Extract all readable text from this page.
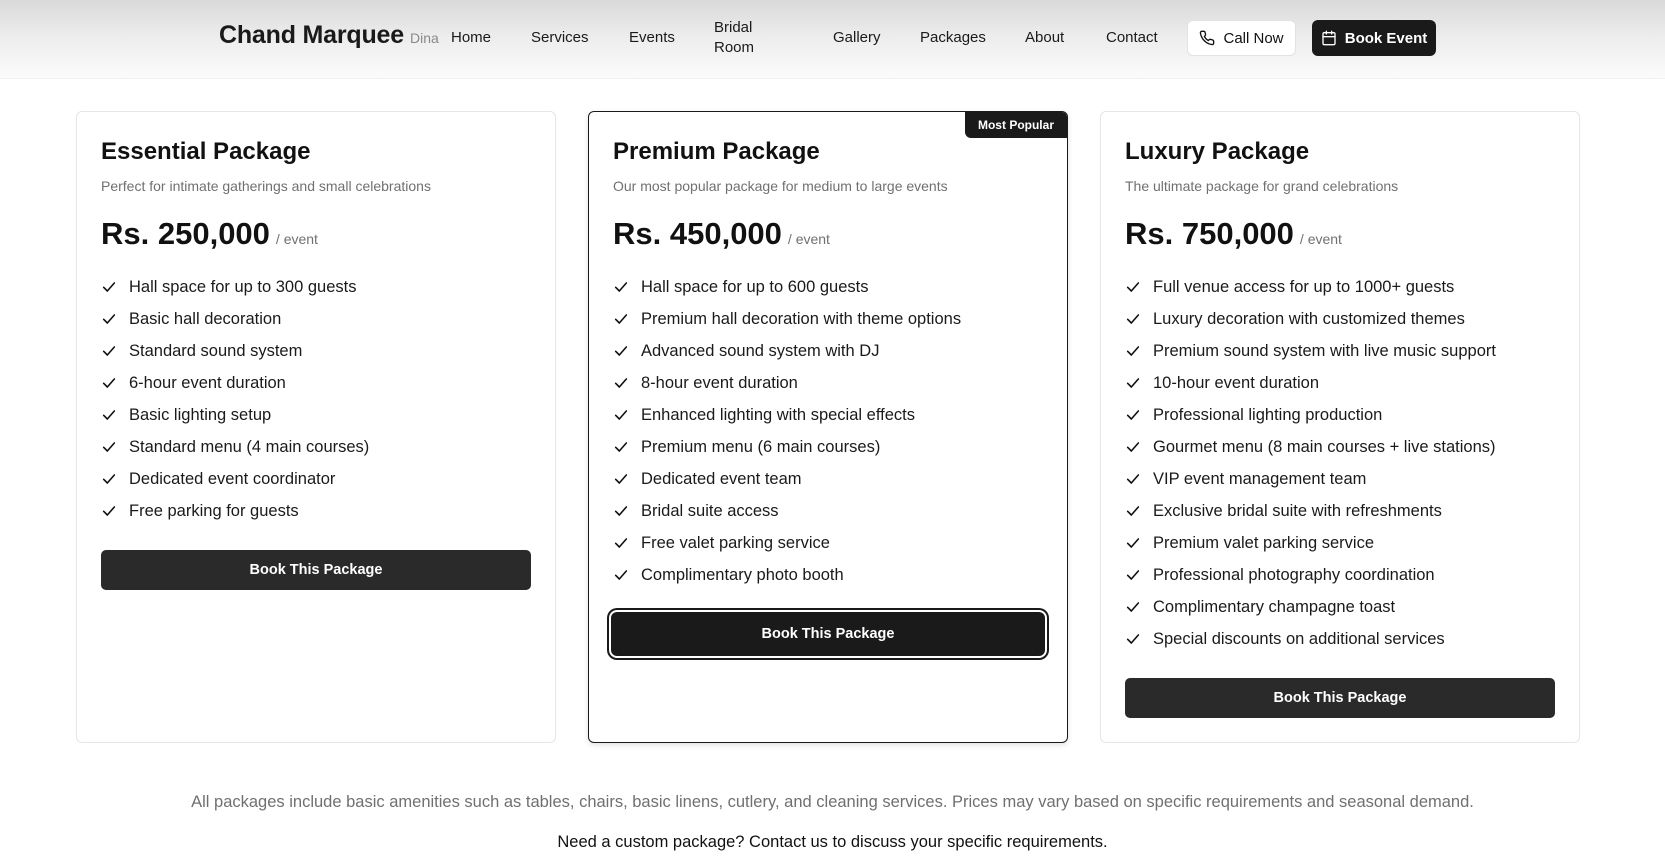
Chand Marquee Dina Home	Services	Events
Bridal Room
Gallery	Packages	About	Contact	Call Now	Book Event
Essential Package

Perfect for intimate gatherings and small celebrations

Rs. 250,000 / event
Hall space for up to 300 guests
Basic hall decoration
Standard sound system
6-hour event duration
Basic lighting setup
Standard menu (4 main courses)
Dedicated event coordinator
Free parking for guests
Book This Package
Most Popular
Premium Package

Our most popular package for medium to large events

Rs. 450,000 / event
Hall space for up to 600 guests
Premium hall decoration with theme options
Advanced sound system with DJ
8-hour event duration
Enhanced lighting with special effects
Premium menu (6 main courses)
Dedicated event team
Bridal suite access
Free valet parking service
Complimentary photo booth
Book This Package
Luxury Package

The ultimate package for grand celebrations

Rs. 750,000 / event
Full venue access for up to 1000+ guests
Luxury decoration with customized themes
Premium sound system with live music support
10-hour event duration
Professional lighting production
Gourmet menu (8 main courses + live stations)
VIP event management team
Exclusive bridal suite with refreshments
Premium valet parking service
Professional photography coordination
Complimentary champagne toast
Special discounts on additional services
Book This Package

All packages include basic amenities such as tables, chairs, basic linens, cutlery, and cleaning services. Prices may vary based on specific requirements and seasonal demand.

Need a custom package? Contact us to discuss your specific requirements.
